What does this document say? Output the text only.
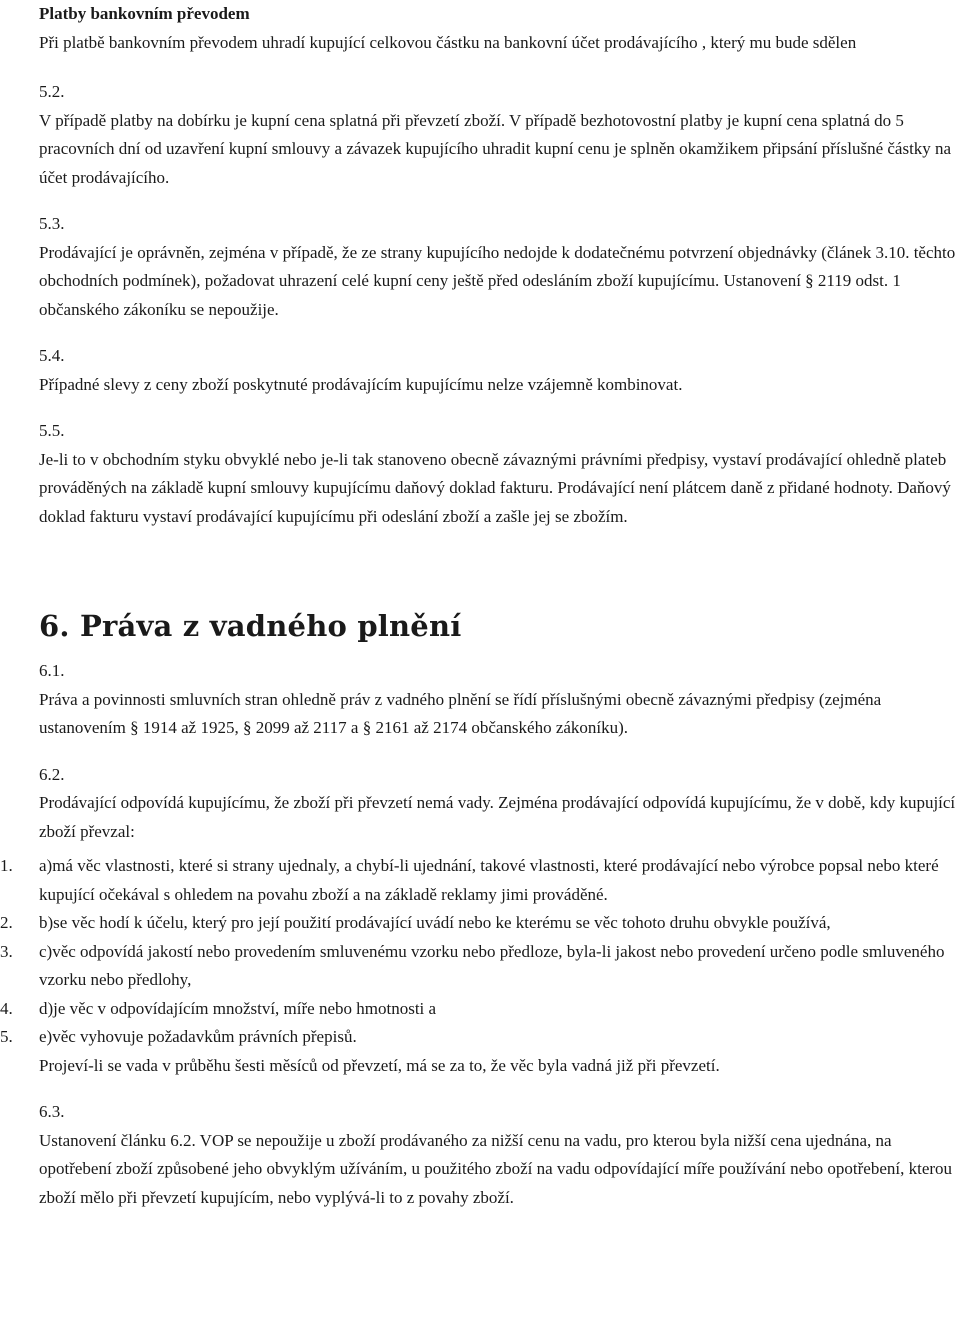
Platby bankovním převodem

Při platbě bankovním převodem uhradí kupující celkovou částku na bankovní účet prodávajícího , který mu bude sdělen

5.2.

V případě platby na dobírku je kupní cena splatná při převzetí zboží. V případě bezhotovostní platby je kupní cena splatná do 5 pracovních dní od uzavření kupní smlouvy a závazek kupujícího uhradit kupní cenu je splněn okamžikem připsání příslušné částky na účet prodávajícího.

5.3.

Prodávající je oprávněn, zejména v případě, že ze strany kupujícího nedojde k dodatečnému potvrzení objednávky (článek 3.10. těchto obchodních podmínek), požadovat uhrazení celé kupní ceny ještě před odesláním zboží kupujícímu. Ustanovení § 2119 odst. 1 občanského zákoníku se nepoužije.

5.4.

Případné slevy z ceny zboží poskytnuté prodávajícím kupujícímu nelze vzájemně kombinovat.

5.5.

Je-li to v obchodním styku obvyklé nebo je-li tak stanoveno obecně závaznými právními předpisy, vystaví prodávající ohledně plateb prováděných na základě kupní smlouvy kupujícímu daňový doklad fakturu. Prodávající není plátcem daně z přidané hodnoty. Daňový doklad fakturu vystaví prodávající kupujícímu při odeslání zboží a zašle jej se zbožím.

6. Práva z vadného plnění

6.1.

Práva a povinnosti smluvních stran ohledně práv z vadného plnění se řídí příslušnými obecně závaznými předpisy (zejména ustanovením § 1914 až 1925, § 2099 až 2117 a § 2161 až 2174 občanského zákoníku).

6.2.

Prodávající odpovídá kupujícímu, že zboží při převzetí nemá vady. Zejména prodávající odpovídá kupujícímu, že v době, kdy kupující zboží převzal:

1.	a)má věc vlastnosti, které si strany ujednaly, a chybí-li ujednání, takové vlastnosti, které prodávající nebo výrobce popsal nebo které kupující očekával s ohledem na povahu zboží a na základě reklamy jimi prováděné.
2.	b)se věc hodí k účelu, který pro její použití prodávající uvádí nebo ke kterému se věc tohoto druhu obvykle používá,
3.	c)věc odpovídá jakostí nebo provedením smluvenému vzorku nebo předloze, byla-li jakost nebo provedení určeno podle smluveného vzorku nebo předlohy,
4.	d)je věc v odpovídajícím množství, míře nebo hmotnosti a
5.	e)věc vyhovuje požadavkům právních přepisů.

Projeví-li se vada v průběhu šesti měsíců od převzetí, má se za to, že věc byla vadná již při převzetí.

6.3.

Ustanovení článku 6.2. VOP se nepoužije u zboží prodávaného za nižší cenu na vadu, pro kterou byla nižší cena ujednána, na opotřebení zboží způsobené jeho obvyklým užíváním, u použitého zboží na vadu odpovídající míře používání nebo opotřebení, kterou zboží mělo při převzetí kupujícím, nebo vyplývá-li to z povahy zboží.
